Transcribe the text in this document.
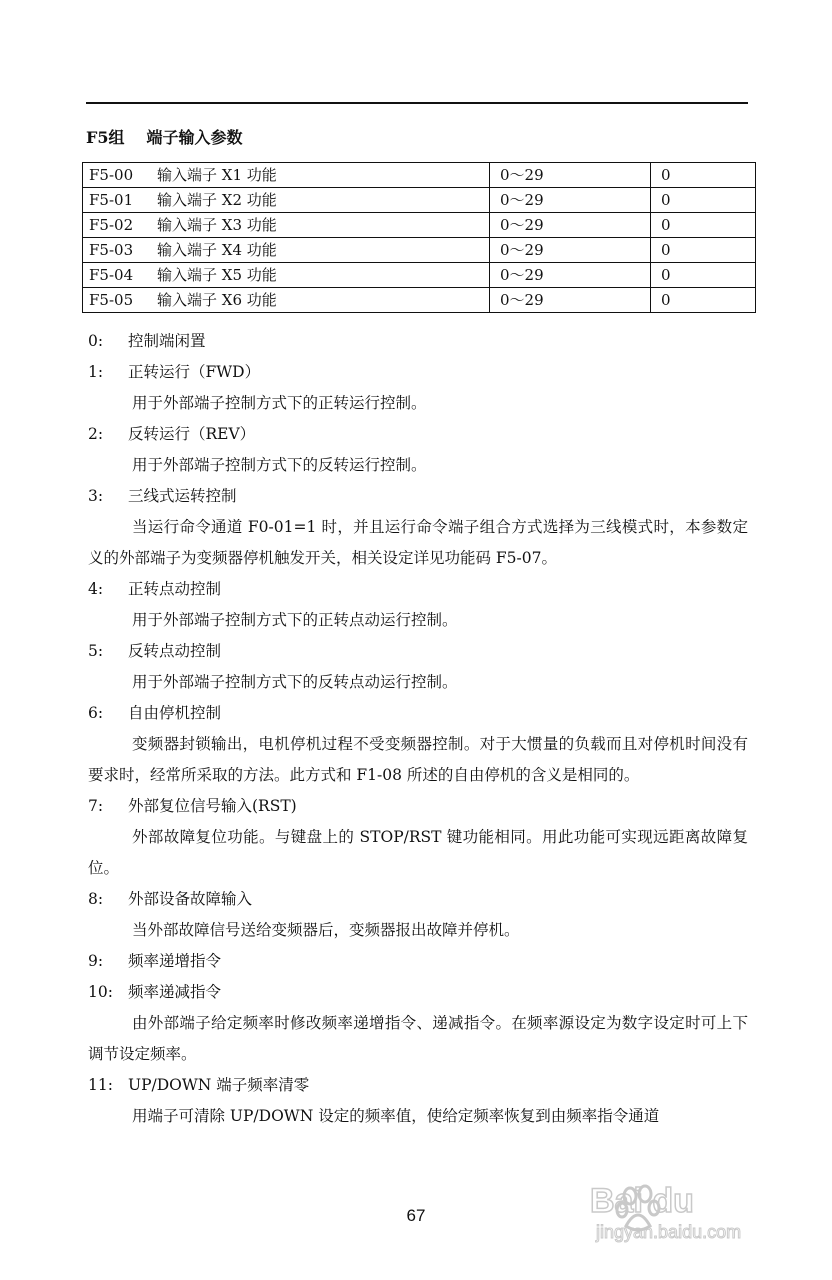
F5组 端子输入参数
F5-00 输入端子 X1 功能	0～29	0
F5-01 输入端子 X2 功能	0～29	0
F5-02 输入端子 X3 功能	0～29	0
F5-03 输入端子 X4 功能	0～29	0
F5-04 输入端子 X5 功能	0～29	0
F5-05 输入端子 X6 功能	0～29	0

0: 控制端闲置

1: 正转运行（FWD）

用于外部端子控制方式下的正转运行控制。

2: 反转运行（REV）

用于外部端子控制方式下的反转运行控制。

3: 三线式运转控制

当运行命令通道 F0-01=1 时，并且运行命令端子组合方式选择为三线模式时，本参数定义的外部端子为变频器停机触发开关，相关设定详见功能码 F5-07。

4: 正转点动控制

用于外部端子控制方式下的正转点动运行控制。

5: 反转点动控制

用于外部端子控制方式下的反转点动运行控制。

6: 自由停机控制

变频器封锁输出，电机停机过程不受变频器控制。对于大惯量的负载而且对停机时间没有要求时，经常所采取的方法。此方式和 F1-08 所述的自由停机的含义是相同的。

7: 外部复位信号输入(RST)

外部故障复位功能。与键盘上的 STOP/RST 键功能相同。用此功能可实现远距离故障复位。

8: 外部设备故障输入

当外部故障信号送给变频器后，变频器报出故障并停机。

9: 频率递增指令

10: 频率递减指令

由外部端子给定频率时修改频率递增指令、递减指令。在频率源设定为数字设定时可上下调节设定频率。

11: UP/DOWN 端子频率清零

用端子可清除 UP/DOWN 设定的频率值，使给定频率恢复到由频率指令通道

67	Bai du
jingyan.baidu.com
